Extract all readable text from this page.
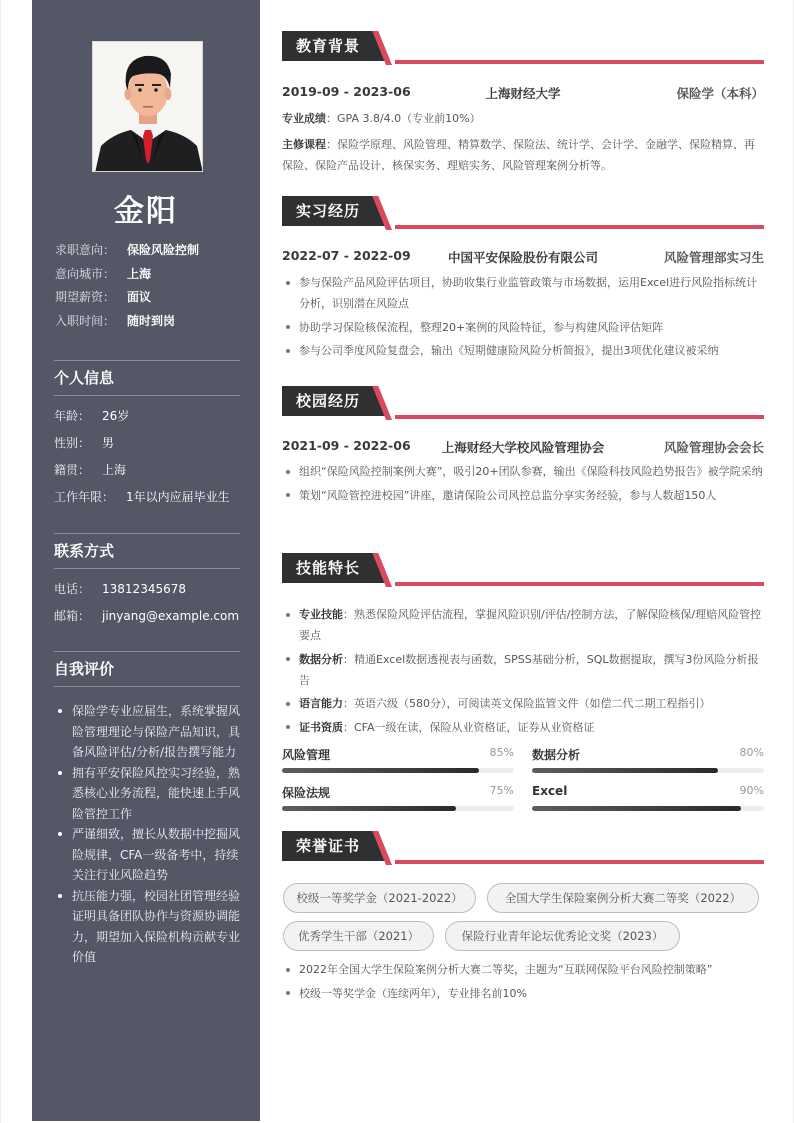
金阳
求职意向： 保险风险控制
意向城市： 上海
期望薪资： 面议
入职时间： 随时到岗
个人信息
年龄： 26岁
性别： 男
籍贯： 上海
工作年限： 1年以内应届毕业生
联系方式
电话： 13812345678
邮箱： jinyang@example.com
自我评价
保险学专业应届生，系统掌握风险管理理论与保险产品知识，具备风险评估/分析/报告撰写能力
拥有平安保险风控实习经验，熟悉核心业务流程，能快速上手风险管控工作
严谨细致，擅长从数据中挖掘风险规律，CFA一级备考中，持续关注行业风险趋势
抗压能力强，校园社团管理经验证明具备团队协作与资源协调能力，期望加入保险机构贡献专业价值
教育背景
2019-09 - 2023-06	上海财经大学	保险学（本科）
专业成绩：GPA 3.8/4.0（专业前10%）
主修课程：保险学原理、风险管理、精算数学、保险法、统计学、会计学、金融学、保险精算、再保险、保险产品设计、核保实务、理赔实务、风险管理案例分析等。
实习经历
2022-07 - 2022-09	中国平安保险股份有限公司	风险管理部实习生
参与保险产品风险评估项目，协助收集行业监管政策与市场数据，运用Excel进行风险指标统计分析，识别潜在风险点
协助学习保险核保流程，整理20+案例的风险特征，参与构建风险评估矩阵
参与公司季度风险复盘会，输出《短期健康险风险分析简报》，提出3项优化建议被采纳
校园经历
2021-09 - 2022-06	上海财经大学校风险管理协会	风险管理协会会长
组织“保险风险控制案例大赛”，吸引20+团队参赛，输出《保险科技风险趋势报告》被学院采纳
策划“风险管控进校园”讲座，邀请保险公司风控总监分享实务经验，参与人数超150人
技能特长
专业技能：熟悉保险风险评估流程，掌握风险识别/评估/控制方法，了解保险核保/理赔风险管控要点
数据分析：精通Excel数据透视表与函数，SPSS基础分析，SQL数据提取，撰写3份风险分析报告
语言能力：英语六级（580分），可阅读英文保险监管文件（如偿二代二期工程指引）
证书资质：CFA一级在读，保险从业资格证，证券从业资格证
风险管理	85% 数据分析	80%
保险法规	75% Excel	90%
荣誉证书
校级一等奖学金（2021-2022）	全国大学生保险案例分析大赛二等奖（2022）
优秀学生干部（2021）	保险行业青年论坛优秀论文奖（2023）
2022年全国大学生保险案例分析大赛二等奖，主题为“互联网保险平台风险控制策略”
校级一等奖学金（连续两年），专业排名前10%
